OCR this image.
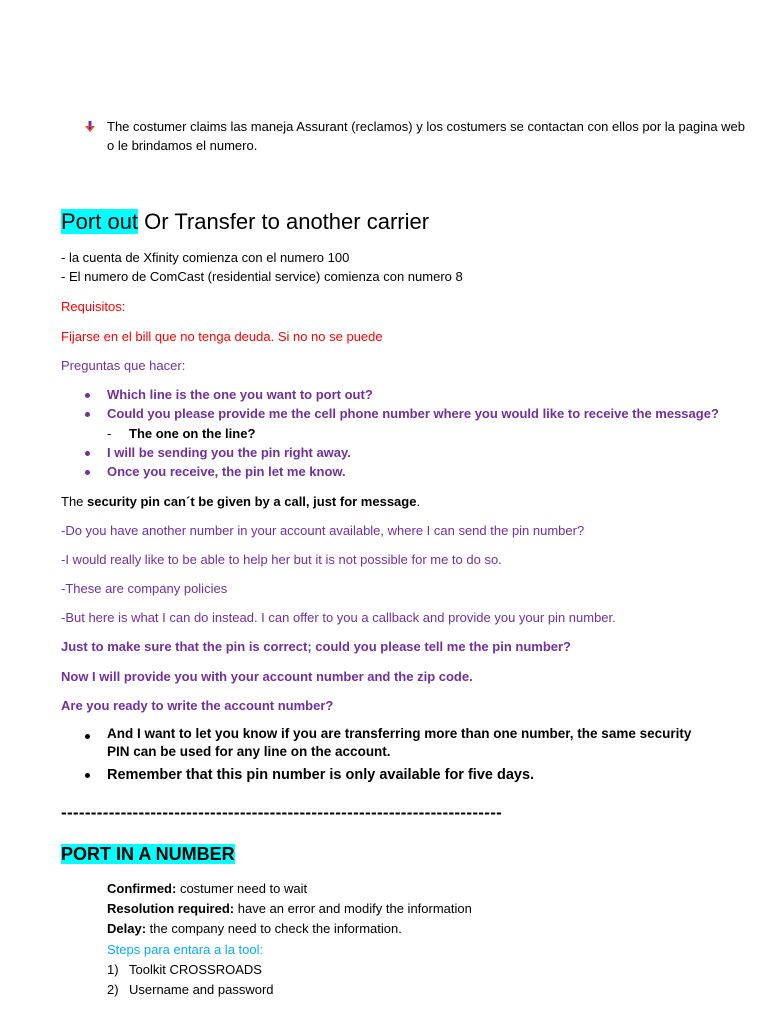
The costumer claims las maneja Assurant (reclamos) y los costumers se contactan con ellos por la pagina web
o le brindamos el numero.
Port out Or Transfer to another carrier
- la cuenta de Xfinity comienza con el numero 100
- El numero de ComCast (residential service) comienza con numero 8
Requisitos:
Fijarse en el bill que no tenga deuda. Si no no se puede
Preguntas que hacer:
Which line is the one you want to port out?
Could you please provide me the cell phone number where you would like to receive the message?
- The one on the line?
I will be sending you the pin right away.
Once you receive, the pin let me know.
The security pin can´t be given by a call, just for message.
-Do you have another number in your account available, where I can send the pin number?
-I would really like to be able to help her but it is not possible for me to do so.
-These are company policies
-But here is what I can do instead. I can offer to you a callback and provide you your pin number.
Just to make sure that the pin is correct; could you please tell me the pin number?
Now I will provide you with your account number and the zip code.
Are you ready to write the account number?
And I want to let you know if you are transferring more than one number, the same security
PIN can be used for any line on the account.
Remember that this pin number is only available for five days.
--------------------------------------------------------------------------
PORT IN A NUMBER
Confirmed: costumer need to wait
Resolution required: have an error and modify the information
Delay: the company need to check the information.
Steps para entara a la tool:
1) Toolkit CROSSROADS
2) Username and password
